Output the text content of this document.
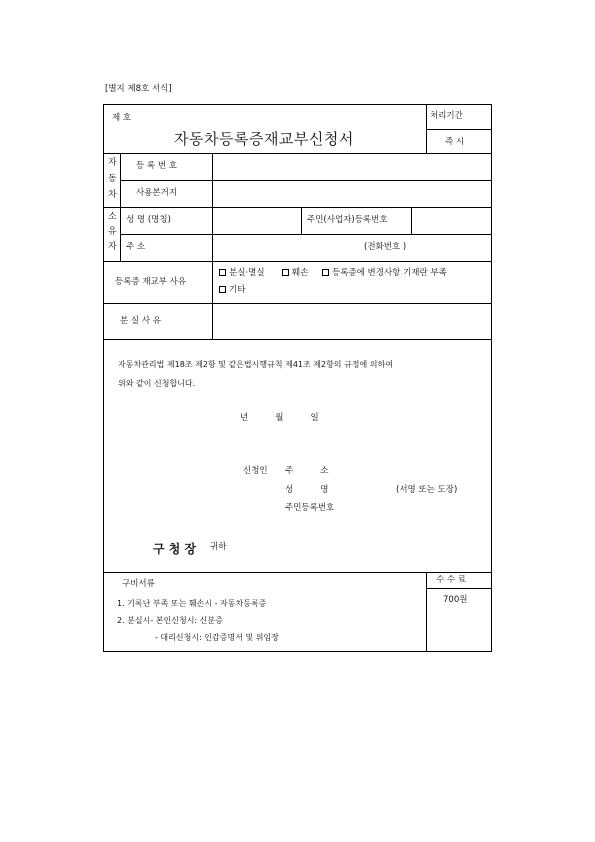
[별지 제8호 서식]
제 호
자동차등록증재교부신청서
처리기간
즉 시
자
동
차
등 록 번 호
사용본거지
소
유
자
성 명 (명칭)	주민(사업자)등록번호
주 소	(전화번호 )
등록증 재교부 사유
분실·멸실	훼손	등록증에 변경사항 기재란 부족
기타
분 실 사 유
자동차관리법 제18조 제2항 및 같은법시행규칙 제41조 제2항의 규정에 의하여
위와 같이 신청합니다.
년          월          일
신청인 주          소
성          명	(서명 또는 도장)
주민등록번호
구 청 장 귀하
구비서류
1. 기록난 부족 또는 훼손시 - 자동차등록증
2. 분실시- 본인신청시: 신분증
- 대리신청시: 인감증명서 및 위임장
수 수 료
700원
